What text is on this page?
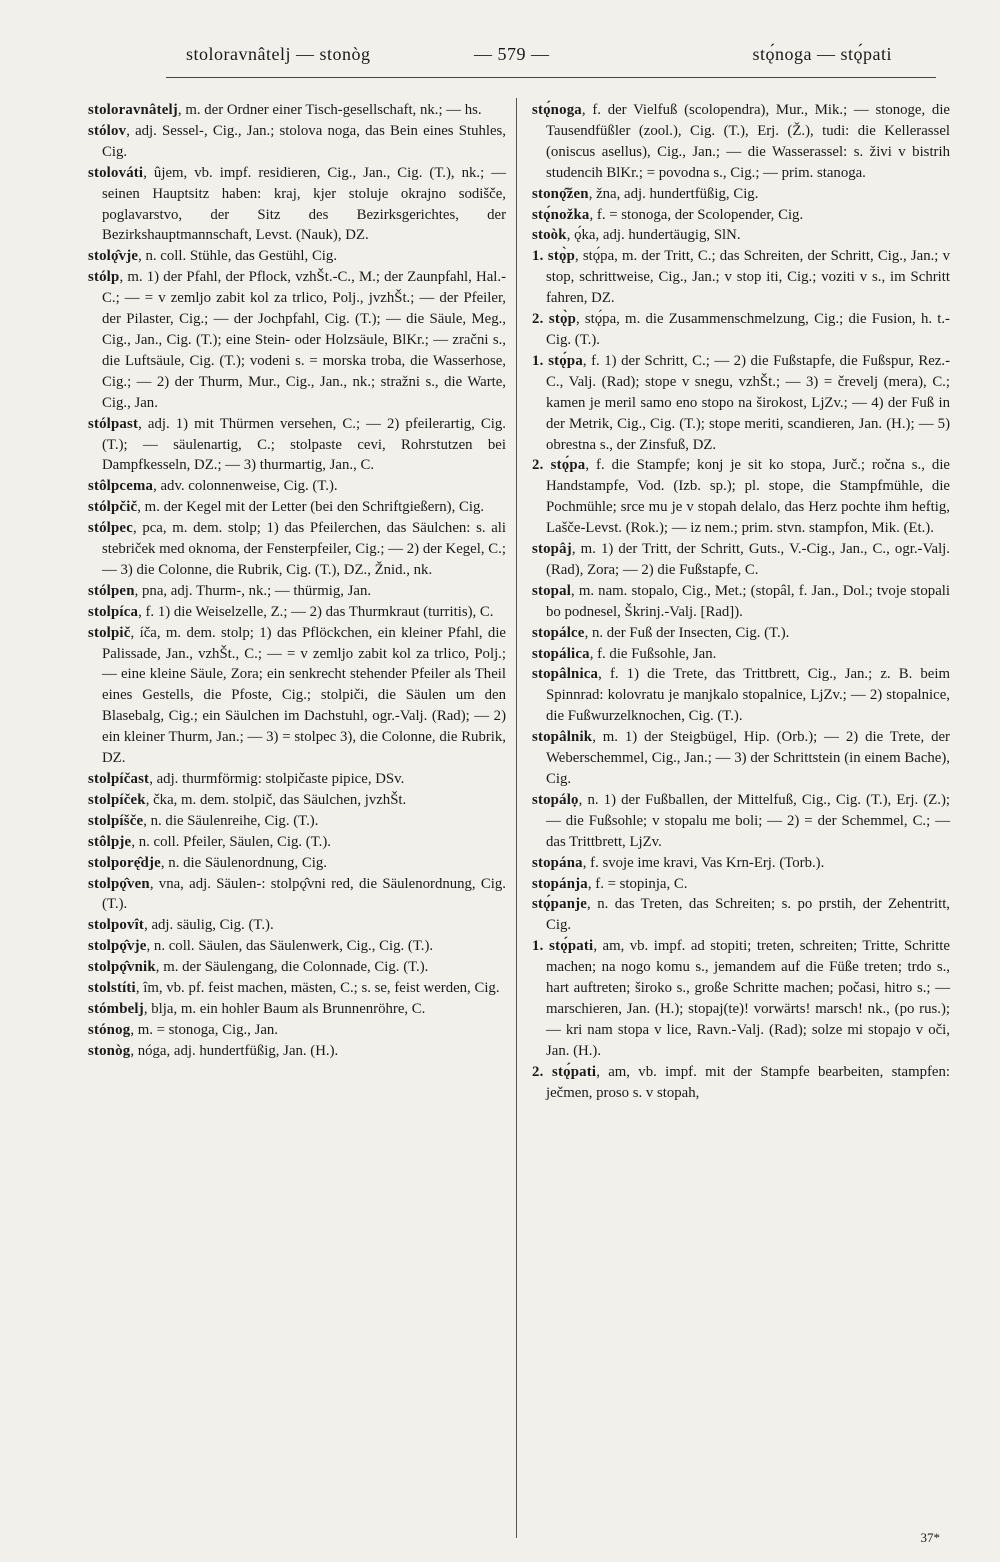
stoloravnâtelj — stonòg	— 579 —	stǫ́noga — stǫ́pati

stoloravnâtelj, m. der Ordner einer Tisch-gesellschaft, nk.; — hs.

stólov, adj. Sessel-, Cig., Jan.; stolova noga, das Bein eines Stuhles, Cig.

stolováti, ûjem, vb. impf. residieren, Cig., Jan., Cig. (T.), nk.; — seinen Hauptsitz haben: kraj, kjer stoluje okrajno sodišče, poglavarstvo, der Sitz des Bezirksgerichtes, der Bezirkshauptmannschaft, Levst. (Nauk), DZ.

stolǫ̂vje, n. coll. Stühle, das Gestühl, Cig.

stólp, m. 1) der Pfahl, der Pflock, vzhŠt.-C., M.; der Zaunpfahl, Hal.-C.; — = v zemljo zabit kol za trlico, Polj., jvzhŠt.; — der Pfeiler, der Pilaster, Cig.; — der Jochpfahl, Cig. (T.); — die Säule, Meg., Cig., Jan., Cig. (T.); eine Stein- oder Holzsäule, BlKr.; — zračni s., die Luftsäule, Cig. (T.); vodeni s. = morska troba, die Wasserhose, Cig.; — 2) der Thurm, Mur., Cig., Jan., nk.; stražni s., die Warte, Cig., Jan.

stólpast, adj. 1) mit Thürmen versehen, C.; — 2) pfeilerartig, Cig. (T.); — säulenartig, C.; stolpaste cevi, Rohrstutzen bei Dampfkesseln, DZ.; — 3) thurmartig, Jan., C.

stôlpcema, adv. colonnenweise, Cig. (T.).

stólpčič, m. der Kegel mit der Letter (bei den Schriftgießern), Cig.

stólpec, pca, m. dem. stolp; 1) das Pfeilerchen, das Säulchen: s. ali stebriček med oknoma, der Fensterpfeiler, Cig.; — 2) der Kegel, C.; — 3) die Colonne, die Rubrik, Cig. (T.), DZ., Žnid., nk.

stólpen, pna, adj. Thurm-, nk.; — thürmig, Jan.

stolpíca, f. 1) die Weiselzelle, Z.; — 2) das Thurmkraut (turritis), C.

stolpič, íča, m. dem. stolp; 1) das Pflöckchen, ein kleiner Pfahl, die Palissade, Jan., vzhŠt., C.; — = v zemljo zabit kol za trlico, Polj.; — eine kleine Säule, Zora; ein senkrecht stehender Pfeiler als Theil eines Gestells, die Pfoste, Cig.; stolpiči, die Säulen um den Blasebalg, Cig.; ein Säulchen im Dachstuhl, ogr.-Valj. (Rad); — 2) ein kleiner Thurm, Jan.; — 3) = stolpec 3), die Colonne, die Rubrik, DZ.

stolpíčast, adj. thurmförmig: stolpičaste pipice, DSv.

stolpíček, čka, m. dem. stolpič, das Säulchen, jvzhŠt.

stolpíšče, n. die Säulenreihe, Cig. (T.).

stôlpje, n. coll. Pfeiler, Säulen, Cig. (T.).

stolporę̂dje, n. die Säulenordnung, Cig.

stolpǫ̂ven, vna, adj. Säulen-: stolpǫ̂vni red, die Säulenordnung, Cig. (T.).

stolpovît, adj. säulig, Cig. (T.).

stolpǫ̂vje, n. coll. Säulen, das Säulenwerk, Cig., Cig. (T.).

stolpǫ̂vnik, m. der Säulengang, die Colonnade, Cig. (T.).

stolstíti, îm, vb. pf. feist machen, mästen, C.; s. se, feist werden, Cig.

stómbelj, blja, m. ein hohler Baum als Brunnenröhre, C.

stónog, m. = stonoga, Cig., Jan.

stonòg, nóga, adj. hundertfüßig, Jan. (H.).

stǫ́noga, f. der Vielfuß (scolopendra), Mur., Mik.; — stonoge, die Tausendfüßler (zool.), Cig. (T.), Erj. (Ž.), tudi: die Kellerassel (oniscus asellus), Cig., Jan.; — die Wasserassel: s. živi v bistrih studencih BlKr.; = povodna s., Cig.; — prim. stanoga.

stonǫ̂žen, žna, adj. hundertfüßig, Cig.

stǫ́nožka, f. = stonoga, der Scolopender, Cig.

stoòk, ǫ́ka, adj. hundertäugig, SlN.

1. stǫ̀p, stǫ́pa, m. der Tritt, C.; das Schreiten, der Schritt, Cig., Jan.; v stop, schrittweise, Cig., Jan.; v stop iti, Cig.; voziti v s., im Schritt fahren, DZ.

2. stǫ̀p, stǫ́pa, m. die Zusammenschmelzung, Cig.; die Fusion, h. t.-Cig. (T.).

1. stǫ́pa, f. 1) der Schritt, C.; — 2) die Fußstapfe, die Fußspur, Rez.-C., Valj. (Rad); stope v snegu, vzhŠt.; — 3) = črevelj (mera), C.; kamen je meril samo eno stopo na širokost, LjZv.; — 4) der Fuß in der Metrik, Cig., Cig. (T.); stope meriti, scandieren, Jan. (H.); — 5) obrestna s., der Zinsfuß, DZ.

2. stǫ́pa, f. die Stampfe; konj je sit ko stopa, Jurč.; ročna s., die Handstampfe, Vod. (Izb. sp.); pl. stope, die Stampfmühle, die Pochmühle; srce mu je v stopah delalo, das Herz pochte ihm heftig, Lašče-Levst. (Rok.); — iz nem.; prim. stvn. stampfon, Mik. (Et.).

stopâj, m. 1) der Tritt, der Schritt, Guts., V.-Cig., Jan., C., ogr.-Valj. (Rad), Zora; — 2) die Fußstapfe, C.

stopal, m. nam. stopalo, Cig., Met.; (stopâl, f. Jan., Dol.; tvoje stopali bo podnesel, Škrinj.-Valj. [Rad]).

stopálce, n. der Fuß der Insecten, Cig. (T.).

stopálica, f. die Fußsohle, Jan.

stopâlnica, f. 1) die Trete, das Trittbrett, Cig., Jan.; z. B. beim Spinnrad: kolovratu je manjkalo stopalnice, LjZv.; — 2) stopalnice, die Fußwurzelknochen, Cig. (T.).

stopâlnik, m. 1) der Steigbügel, Hip. (Orb.); — 2) die Trete, der Weberschemmel, Cig., Jan.; — 3) der Schrittstein (in einem Bache), Cig.

stopálọ, n. 1) der Fußballen, der Mittelfuß, Cig., Cig. (T.), Erj. (Z.); — die Fußsohle; v stopalu me boli; — 2) = der Schemmel, C.; — das Trittbrett, LjZv.

stopána, f. svoje ime kravi, Vas Krn-Erj. (Torb.).

stopánja, f. = stopinja, C.

stǫ́panje, n. das Treten, das Schreiten; s. po prstih, der Zehentritt, Cig.

1. stǫ́pati, am, vb. impf. ad stopiti; treten, schreiten; Tritte, Schritte machen; na nogo komu s., jemandem auf die Füße treten; trdo s., hart auftreten; široko s., große Schritte machen; počasi, hitro s.; — marschieren, Jan. (H.); stopaj(te)! vorwärts! marsch! nk., (po rus.); — kri nam stopa v lice, Ravn.-Valj. (Rad); solze mi stopajo v oči, Jan. (H.).

2. stǫ́pati, am, vb. impf. mit der Stampfe bearbeiten, stampfen: ječmen, proso s. v stopah,

37*
